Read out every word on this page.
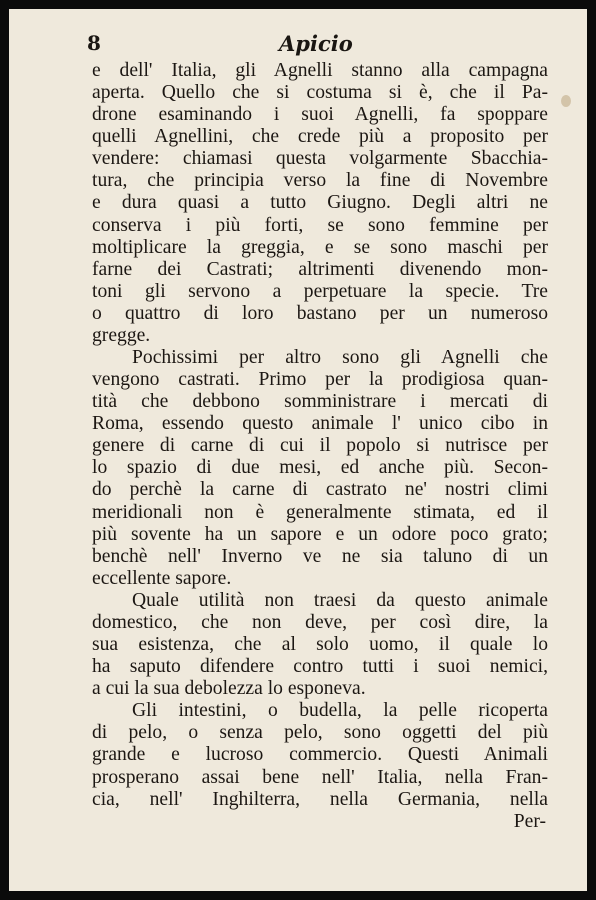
8	Apicio
e dell' Italia, gli Agnelli stanno alla campagna
aperta. Quello che si costuma si è, che il Pa-
drone esaminando i suoi Agnelli, fa spoppare
quelli Agnellini, che crede più a proposito per
vendere: chiamasi questa volgarmente Sbacchia-
tura, che principia verso la fine di Novembre
e dura quasi a tutto Giugno. Degli altri ne
conserva i più forti, se sono femmine per
moltiplicare la greggia, e se sono maschi per
farne dei Castrati; altrimenti divenendo mon-
toni gli servono a perpetuare la specie. Tre
o quattro di loro bastano per un numeroso
gregge.
Pochissimi per altro sono gli Agnelli che
vengono castrati. Primo per la prodigiosa quan-
tità che debbono somministrare i mercati di
Roma, essendo questo animale l' unico cibo in
genere di carne di cui il popolo si nutrisce per
lo spazio di due mesi, ed anche più. Secon-
do perchè la carne di castrato ne' nostri climi
meridionali non è generalmente stimata, ed il
più sovente ha un sapore e un odore poco grato;
benchè nell' Inverno ve ne sia taluno di un
eccellente sapore.
Quale utilità non traesi da questo animale
domestico, che non deve, per così dire, la
sua esistenza, che al solo uomo, il quale lo
ha saputo difendere contro tutti i suoi nemici,
a cui la sua debolezza lo esponeva.
Gli intestini, o budella, la pelle ricoperta
di pelo, o senza pelo, sono oggetti del più
grande e lucroso commercio. Questi Animali
prosperano assai bene nell' Italia, nella Fran-
cia, nell' Inghilterra, nella Germania, nella
Per-
